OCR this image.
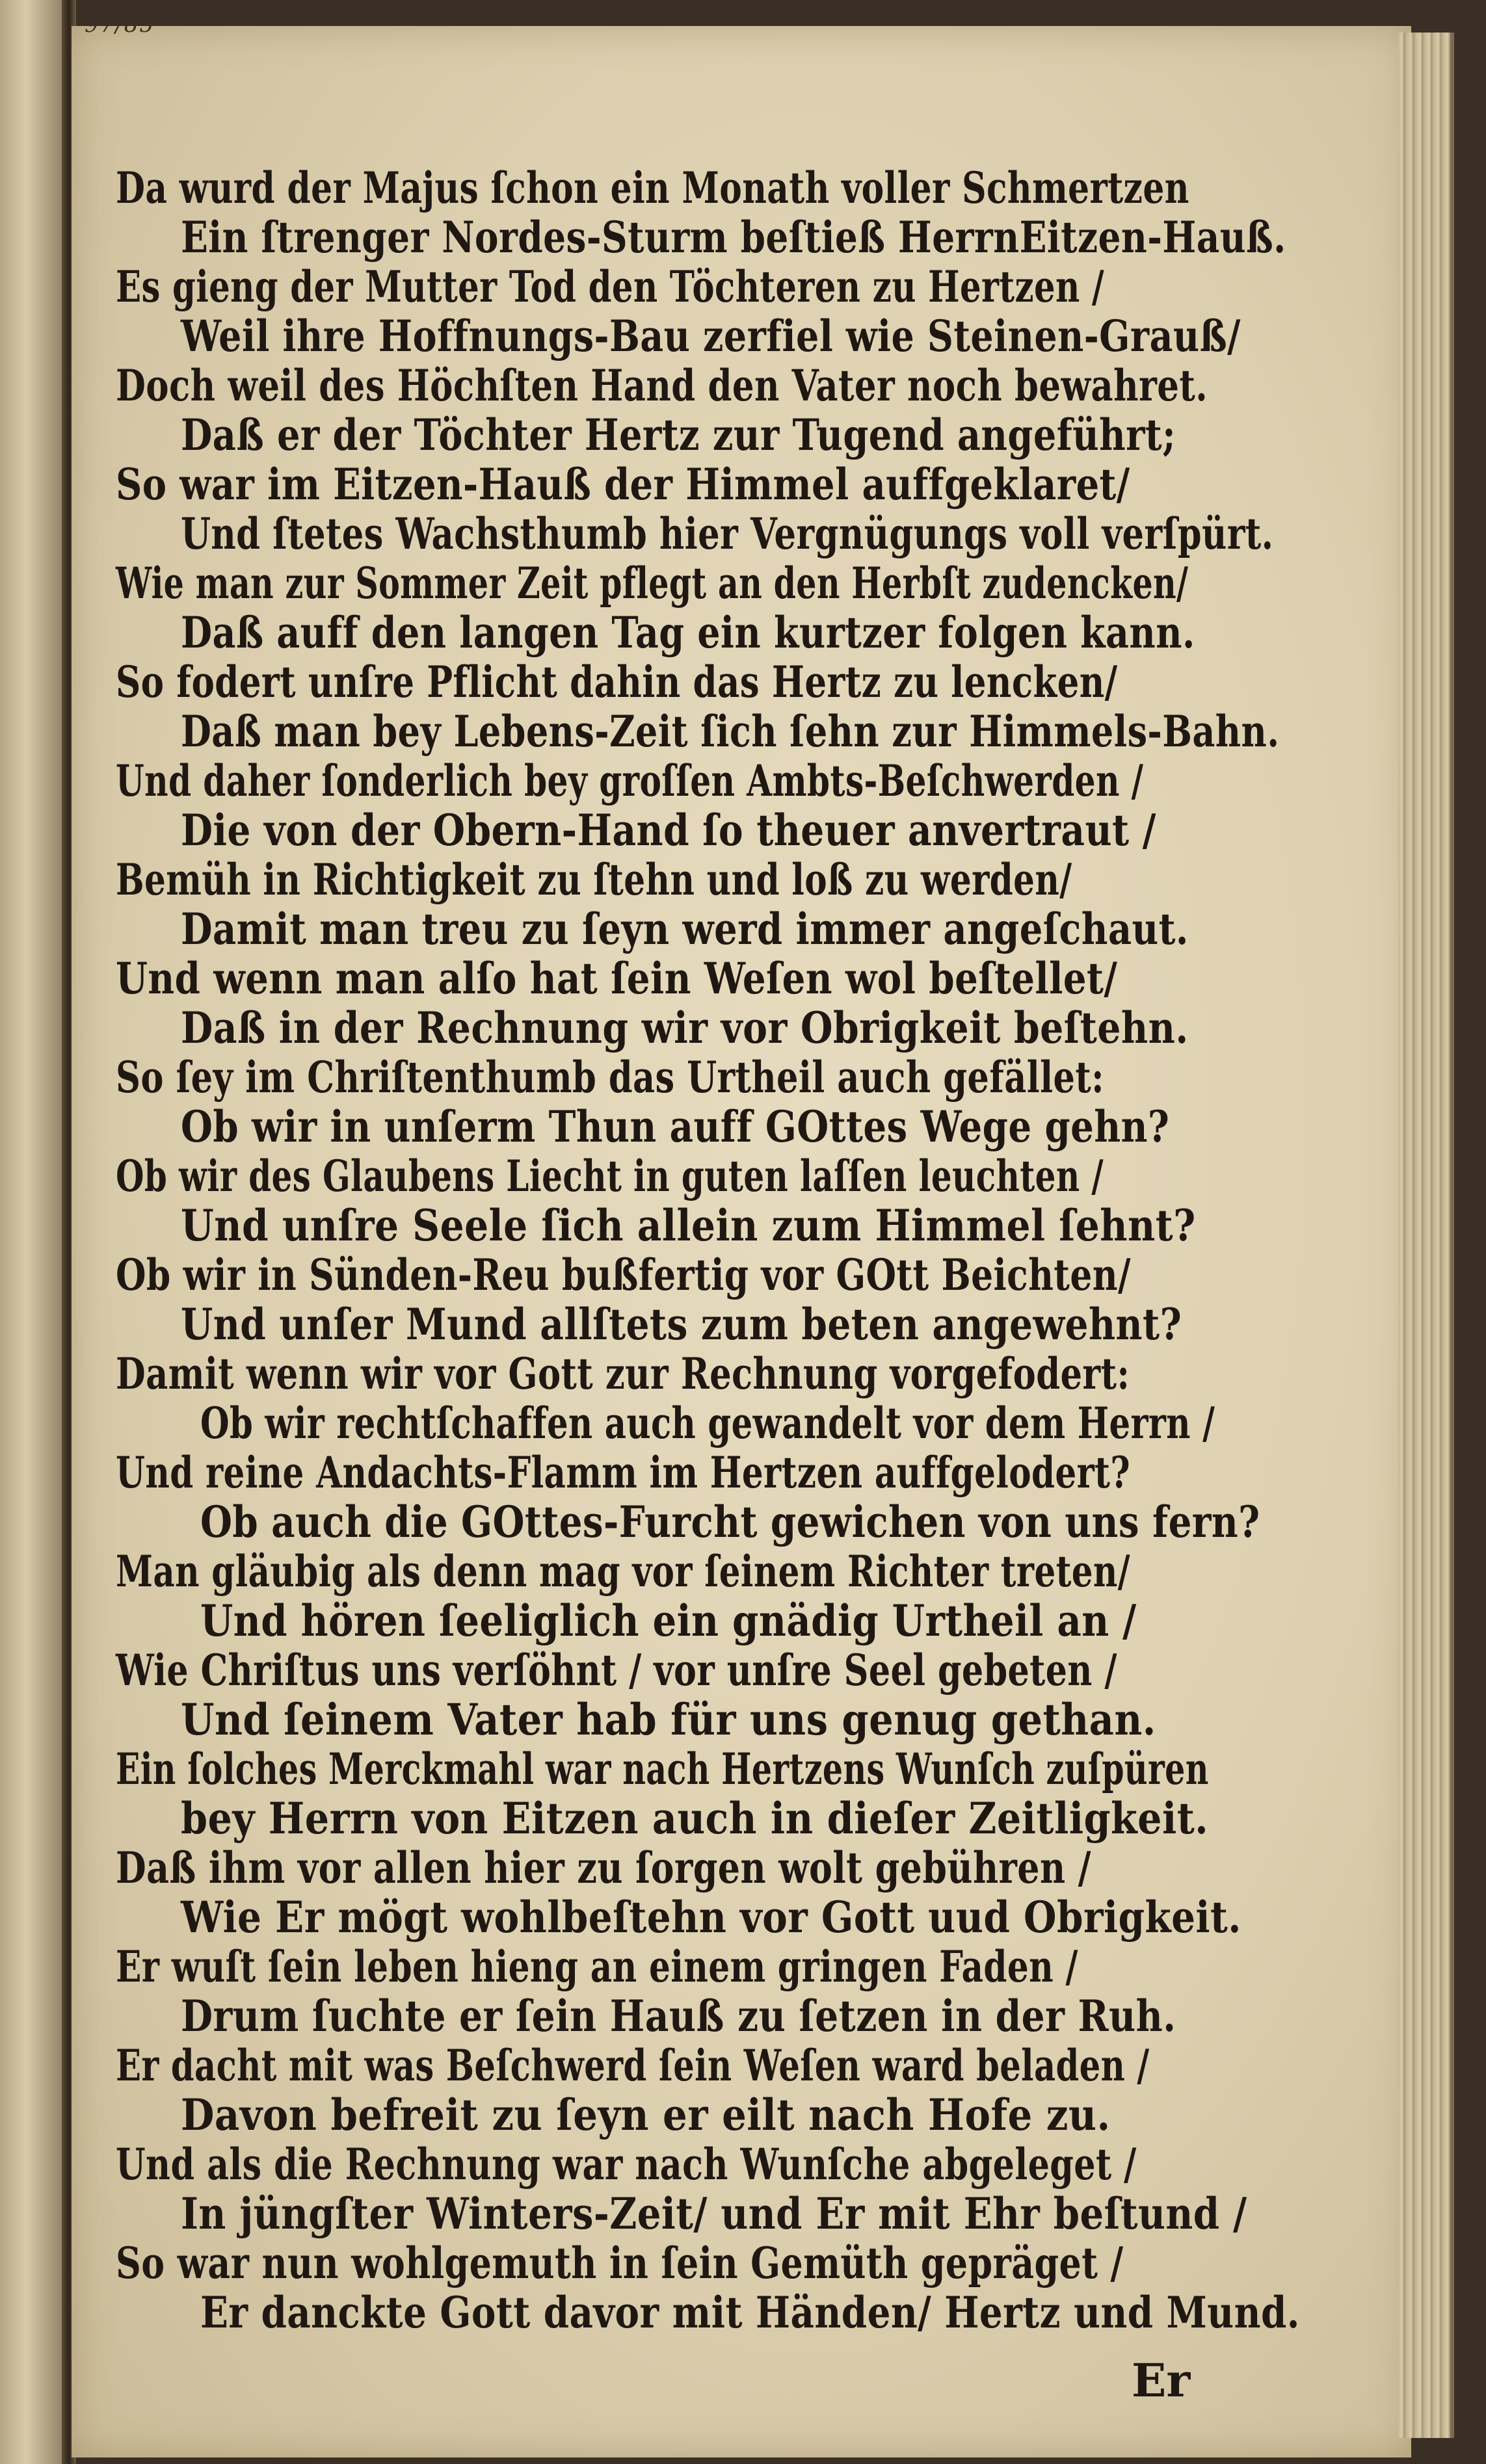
97/85
Da wurd der Majus ſchon ein Monath voller Schmertzen
Ein ſtrenger Nordes-Sturm beſtieß HerrnEitzen-Hauß.
Es gieng der Mutter Tod den Töchteren zu Hertzen /
Weil ihre Hoffnungs-Bau zerfiel wie Steinen-Grauß/
Doch weil des Höchſten Hand den Vater noch bewahret.
Daß er der Töchter Hertz zur Tugend angeführt;
So war im Eitzen-Hauß der Himmel auffgeklaret/
Und ſtetes Wachsthumb hier Vergnügungs voll verſpürt.
Wie man zur Sommer Zeit pflegt an den Herbſt zudencken/
Daß auff den langen Tag ein kurtzer folgen kann.
So fodert unſre Pflicht dahin das Hertz zu lencken/
Daß man bey Lebens-Zeit ſich ſehn zur Himmels-Bahn.
Und daher ſonderlich bey groſſen Ambts-Beſchwerden /
Die von der Obern-Hand ſo theuer anvertraut /
Bemüh in Richtigkeit zu ſtehn und loß zu werden/
Damit man treu zu ſeyn werd immer angeſchaut.
Und wenn man alſo hat ſein Weſen wol beſtellet/
Daß in der Rechnung wir vor Obrigkeit beſtehn.
So ſey im Chriſtenthumb das Urtheil auch gefället:
Ob wir in unſerm Thun auff GOttes Wege gehn?
Ob wir des Glaubens Liecht in guten laſſen leuchten /
Und unſre Seele ſich allein zum Himmel ſehnt?
Ob wir in Sünden-Reu bußfertig vor GOtt Beichten/
Und unſer Mund allſtets zum beten angewehnt?
Damit wenn wir vor Gott zur Rechnung vorgefodert:
Ob wir rechtſchaffen auch gewandelt vor dem Herrn /
Und reine Andachts-Flamm im Hertzen auffgelodert?
Ob auch die GOttes-Furcht gewichen von uns fern?
Man gläubig als denn mag vor ſeinem Richter treten/
Und hören ſeeliglich ein gnädig Urtheil an /
Wie Chriſtus uns verſöhnt / vor unſre Seel gebeten /
Und ſeinem Vater hab für uns genug gethan.
Ein ſolches Merckmahl war nach Hertzens Wunſch zuſpüren
bey Herrn von Eitzen auch in dieſer Zeitligkeit.
Daß ihm vor allen hier zu ſorgen wolt gebühren /
Wie Er mögt wohlbeſtehn vor Gott uud Obrigkeit.
Er wuſt ſein leben hieng an einem gringen Faden /
Drum ſuchte er ſein Hauß zu ſetzen in der Ruh.
Er dacht mit was Beſchwerd ſein Weſen ward beladen /
Davon befreit zu ſeyn er eilt nach Hofe zu.
Und als die Rechnung war nach Wunſche abgeleget /
In jüngſter Winters-Zeit/ und Er mit Ehr beſtund /
So war nun wohlgemuth in ſein Gemüth gepräget /
Er danckte Gott davor mit Händen/ Hertz und Mund.
Er
